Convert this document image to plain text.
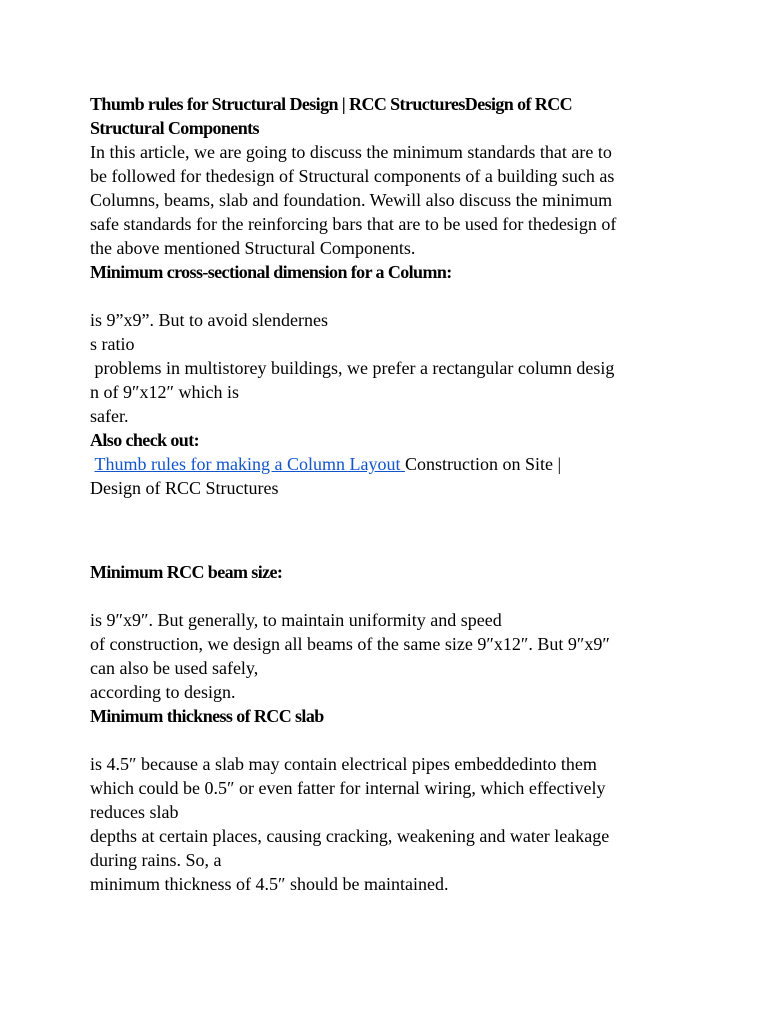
Thumb rules for Structural Design | RCC StructuresDesign of RCC
Structural Components
In this article, we are going to discuss the minimum standards that are to
be followed for thedesign of Structural components of a building such as
Columns, beams, slab and foundation. Wewill also discuss the minimum
safe standards for the reinforcing bars that are to be used for thedesign of
the above mentioned Structural Components.
Minimum cross-sectional dimension for a Column:
is 9”x9”. But to avoid slendernes
s ratio
problems in multistorey buildings, we prefer a rectangular column desig
n of 9″x12″ which is
safer.
Also check out:
Thumb rules for making a Column Layout Construction on Site |
Design of RCC Structures
Minimum RCC beam size:
is 9″x9″. But generally, to maintain uniformity and speed
of construction, we design all beams of the same size 9″x12″. But 9″x9″
can also be used safely,
according to design.
Minimum thickness of RCC slab
is 4.5″ because a slab may contain electrical pipes embeddedinto them
which could be 0.5″ or even fatter for internal wiring, which effectively
reduces slab
depths at certain places, causing cracking, weakening and water leakage
during rains. So, a
minimum thickness of 4.5″ should be maintained.
